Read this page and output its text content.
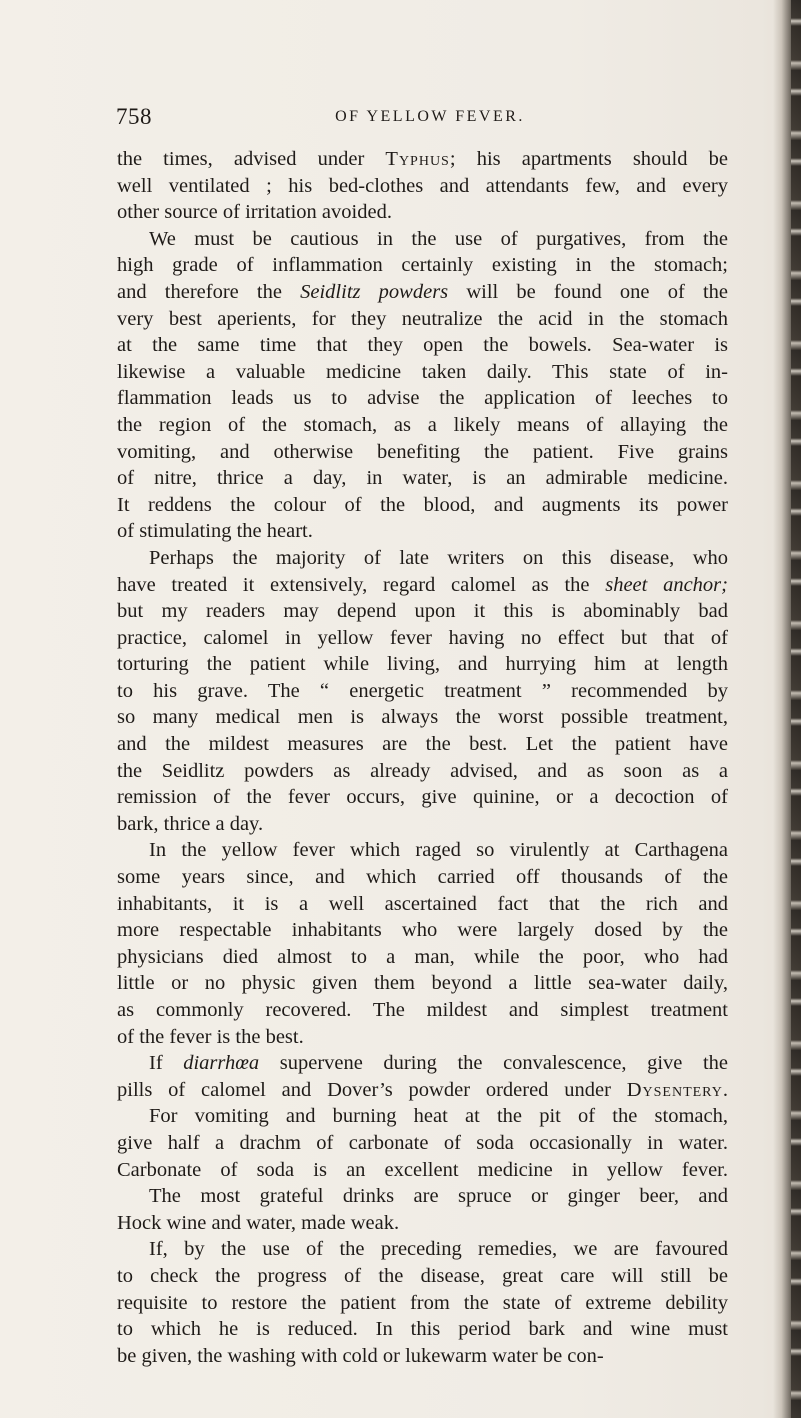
758	OF YELLOW FEVER.
the times, advised under Typhus; his apartments should be
well ventilated ; his bed-clothes and attendants few, and every
other source of irritation avoided.
We must be cautious in the use of purgatives, from the
high grade of inflammation certainly existing in the stomach;
and therefore the Seidlitz powders will be found one of the
very best aperients, for they neutralize the acid in the stomach
at the same time that they open the bowels. Sea-water is
likewise a valuable medicine taken daily. This state of in-
flammation leads us to advise the application of leeches to
the region of the stomach, as a likely means of allaying the
vomiting, and otherwise benefiting the patient. Five grains
of nitre, thrice a day, in water, is an admirable medicine.
It reddens the colour of the blood, and augments its power
of stimulating the heart.
Perhaps the majority of late writers on this disease, who
have treated it extensively, regard calomel as the sheet anchor;
but my readers may depend upon it this is abominably bad
practice, calomel in yellow fever having no effect but that of
torturing the patient while living, and hurrying him at length
to his grave. The “ energetic treatment ” recommended by
so many medical men is always the worst possible treatment,
and the mildest measures are the best. Let the patient have
the Seidlitz powders as already advised, and as soon as a
remission of the fever occurs, give quinine, or a decoction of
bark, thrice a day.
In the yellow fever which raged so virulently at Carthagena
some years since, and which carried off thousands of the
inhabitants, it is a well ascertained fact that the rich and
more respectable inhabitants who were largely dosed by the
physicians died almost to a man, while the poor, who had
little or no physic given them beyond a little sea-water daily,
as commonly recovered. The mildest and simplest treatment
of the fever is the best.
If diarrhœa supervene during the convalescence, give the
pills of calomel and Dover’s powder ordered under Dysentery.
For vomiting and burning heat at the pit of the stomach,
give half a drachm of carbonate of soda occasionally in water.
Carbonate of soda is an excellent medicine in yellow fever.
The most grateful drinks are spruce or ginger beer, and
Hock wine and water, made weak.
If, by the use of the preceding remedies, we are favoured
to check the progress of the disease, great care will still be
requisite to restore the patient from the state of extreme debility
to which he is reduced. In this period bark and wine must
be given, the washing with cold or lukewarm water be con-
